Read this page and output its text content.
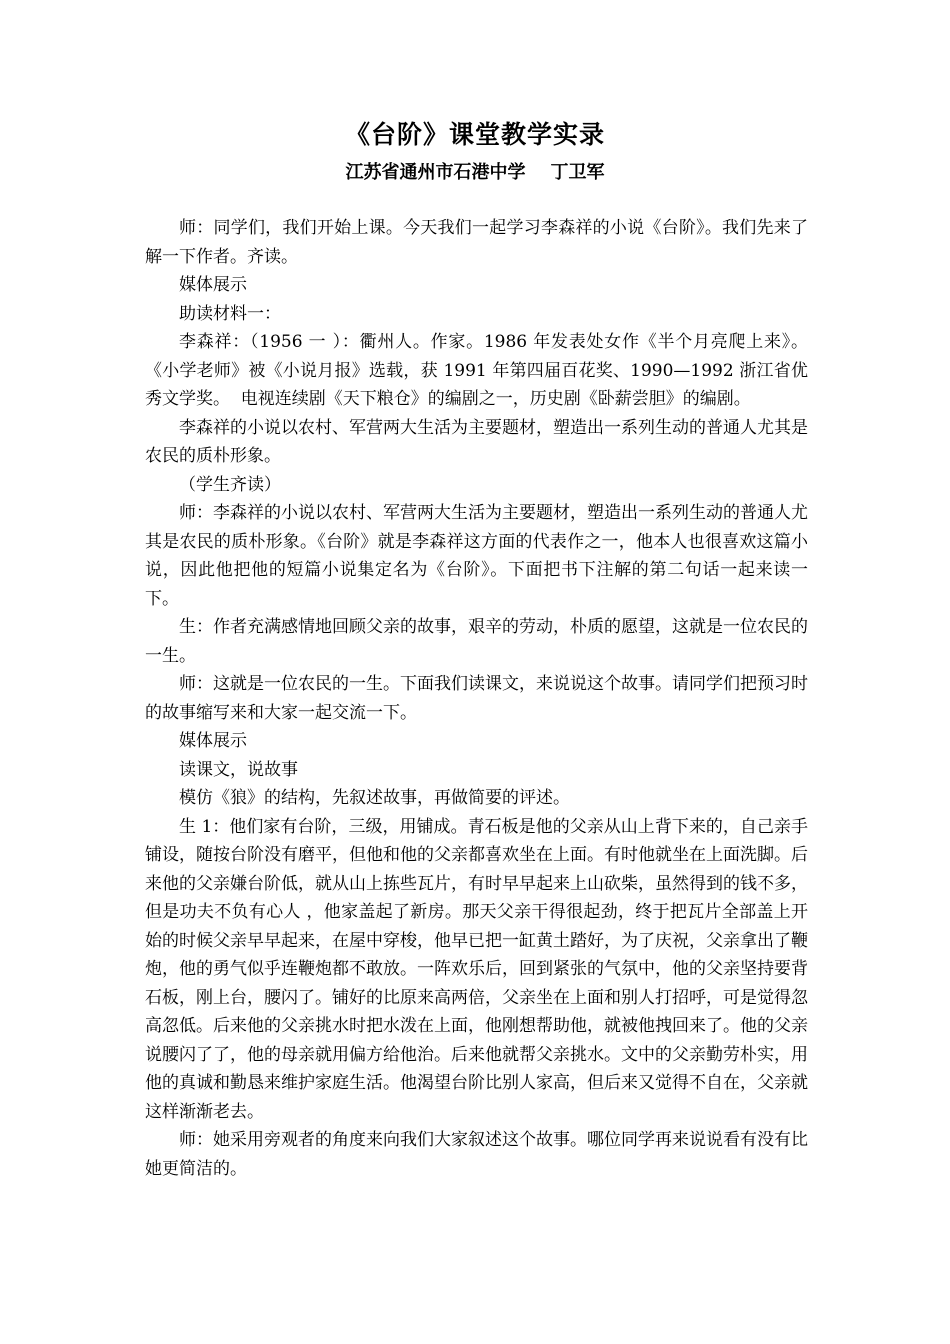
《台阶》课堂教学实录
江苏省通州市石港中学    丁卫军

师：同学们，我们开始上课。今天我们一起学习李森祥的小说《台阶》。我们先来了解一下作者。齐读。

媒体展示

助读材料一：

李森祥：（1956 一 ）：衢州人。作家。1986 年发表处女作《半个月亮爬上来》。《小学老师》被《小说月报》选载，获 1991 年第四届百花奖、1990—1992 浙江省优秀文学奖。  电视连续剧《天下粮仓》的编剧之一，历史剧《卧薪尝胆》的编剧。

李森祥的小说以农村、军营两大生活为主要题材，塑造出一系列生动的普通人尤其是农民的质朴形象。

（学生齐读）

师：李森祥的小说以农村、军营两大生活为主要题材，塑造出一系列生动的普通人尤其是农民的质朴形象。《台阶》就是李森祥这方面的代表作之一，他本人也很喜欢这篇小说，因此他把他的短篇小说集定名为《台阶》。下面把书下注解的第二句话一起来读一下。

生：作者充满感情地回顾父亲的故事，艰辛的劳动，朴质的愿望，这就是一位农民的一生。

师：这就是一位农民的一生。下面我们读课文，来说说这个故事。请同学们把预习时的故事缩写来和大家一起交流一下。

媒体展示

读课文，说故事

模仿《狼》的结构，先叙述故事，再做简要的评述。

生 1：他们家有台阶，三级，用铺成。青石板是他的父亲从山上背下来的，自己亲手铺设，随按台阶没有磨平，但他和他的父亲都喜欢坐在上面。有时他就坐在上面洗脚。后来他的父亲嫌台阶低，就从山上拣些瓦片，有时早早起来上山砍柴，虽然得到的钱不多，但是功夫不负有心人 ，他家盖起了新房。那天父亲干得很起劲，终于把瓦片全部盖上开始的时候父亲早早起来，在屋中穿梭，他早已把一缸黄土踏好，为了庆祝，父亲拿出了鞭炮，他的勇气似乎连鞭炮都不敢放。一阵欢乐后，回到紧张的气氛中，他的父亲坚持要背石板，刚上台，腰闪了。铺好的比原来高两倍，父亲坐在上面和别人打招呼，可是觉得忽高忽低。后来他的父亲挑水时把水泼在上面，他刚想帮助他，就被他拽回来了。他的父亲说腰闪了了，他的母亲就用偏方给他治。后来他就帮父亲挑水。文中的父亲勤劳朴实，用他的真诚和勤恳来维护家庭生活。他渴望台阶比别人家高，但后来又觉得不自在，父亲就这样渐渐老去。

师：她采用旁观者的角度来向我们大家叙述这个故事。哪位同学再来说说看有没有比她更简洁的。
